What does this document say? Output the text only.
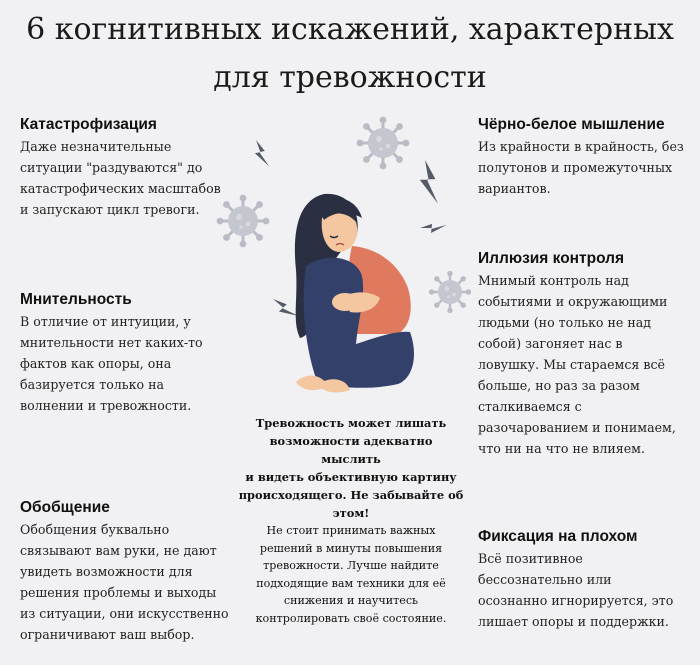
6 когнитивных искажений, характерных
для тревожности
Катастрофизация
Даже незначительные
ситуации "раздуваются" до
катастрофических масштабов
и запускают цикл тревоги.
Чёрно-белое мышление
Из крайности в крайность, без
полутонов и промежуточных
вариантов.
Иллюзия контроля
Мнимый контроль над
событиями и окружающими
людьми (но только не над
собой) загоняет нас в
ловушку. Мы стараемся всё
больше, но раз за разом
сталкиваемся с
разочарованием и понимаем,
что ни на что не влияем.
Мнительность
В отличие от интуиции, у
мнительности нет каких-то
фактов как опоры, она
базируется только на
волнении и тревожности.
Обобщение
Обобщения буквально
связывают вам руки, не дают
увидеть возможности для
решения проблемы и выходы
из ситуации, они искусственно
ограничивают ваш выбор.
Фиксация на плохом
Всё позитивное
бессознательно или
осознанно игнорируется, это
лишает опоры и поддержки.
Тревожность может лишать
возможности адекватно мыслить
и видеть объективную картину
происходящего. Не забывайте об
этом!
Не стоит принимать важных
решений в минуты повышения
тревожности. Лучше найдите
подходящие вам техники для её
снижения и научитесь
контролировать своё состояние.
